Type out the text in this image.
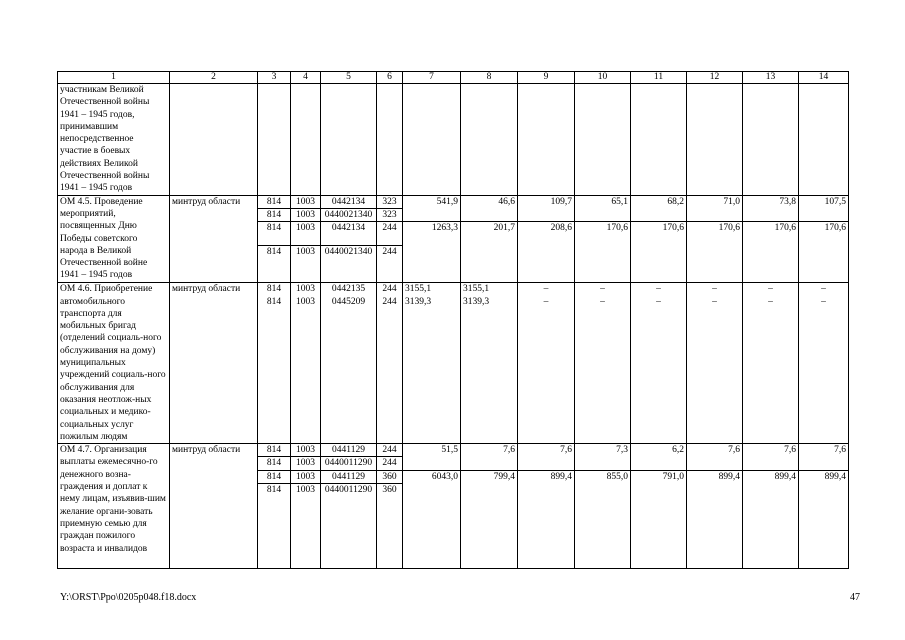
1	2	3	4	5	6	7	8	9	10	11	12	13	14
участникам Великой Отечественной войны 1941 – 1945 годов, принимавшим непосредственное участие в боевых действиях Великой Отечественной войны 1941 – 1945 годов													
ОМ 4.5. Проведение мероприятий, посвященных Дню Победы советского народа в Великой Отечественной войне 1941 – 1945 годов	минтруд области	814	1003	0442134	323	541,9	46,6	109,7	65,1	68,2	71,0	73,8	107,5
		814	1003	0440021340	323								
		814	1003	0442134	244	1263,3	201,7	208,6	170,6	170,6	170,6	170,6	170,6
		814	1003	0440021340	244								
ОМ 4.6. Приобретение автомобильного транспорта для мобильных бригад (отделений социаль-ного обслуживания на дому) муниципальных учреждений социаль-ного обслуживания для оказания неотлож-ных социальных и медико-социальных услуг пожилым людям	минтруд области	814	1003	0442135	244	3155,1	3155,1	–	–	–	–	–	–
		814	1003	0445209	244	3139,3	3139,3	–	–	–	–	–	–
ОМ 4.7. Организация выплаты ежемесячно-го денежного возна-граждения и доплат к нему лицам, изъявив-шим желание органи-зовать приемную семью для граждан пожилого возраста и инвалидов	минтруд области	814	1003	0441129	244	51,5	7,6	7,6	7,3	6,2	7,6	7,6	7,6
		814	1003	0440011290	244								
		814	1003	0441129	360	6043,0	799,4	899,4	855,0	791,0	899,4	899,4	899,4
		814	1003	0440011290	360								
Y:\ORST\Ppo\0205p048.f18.docx	47
